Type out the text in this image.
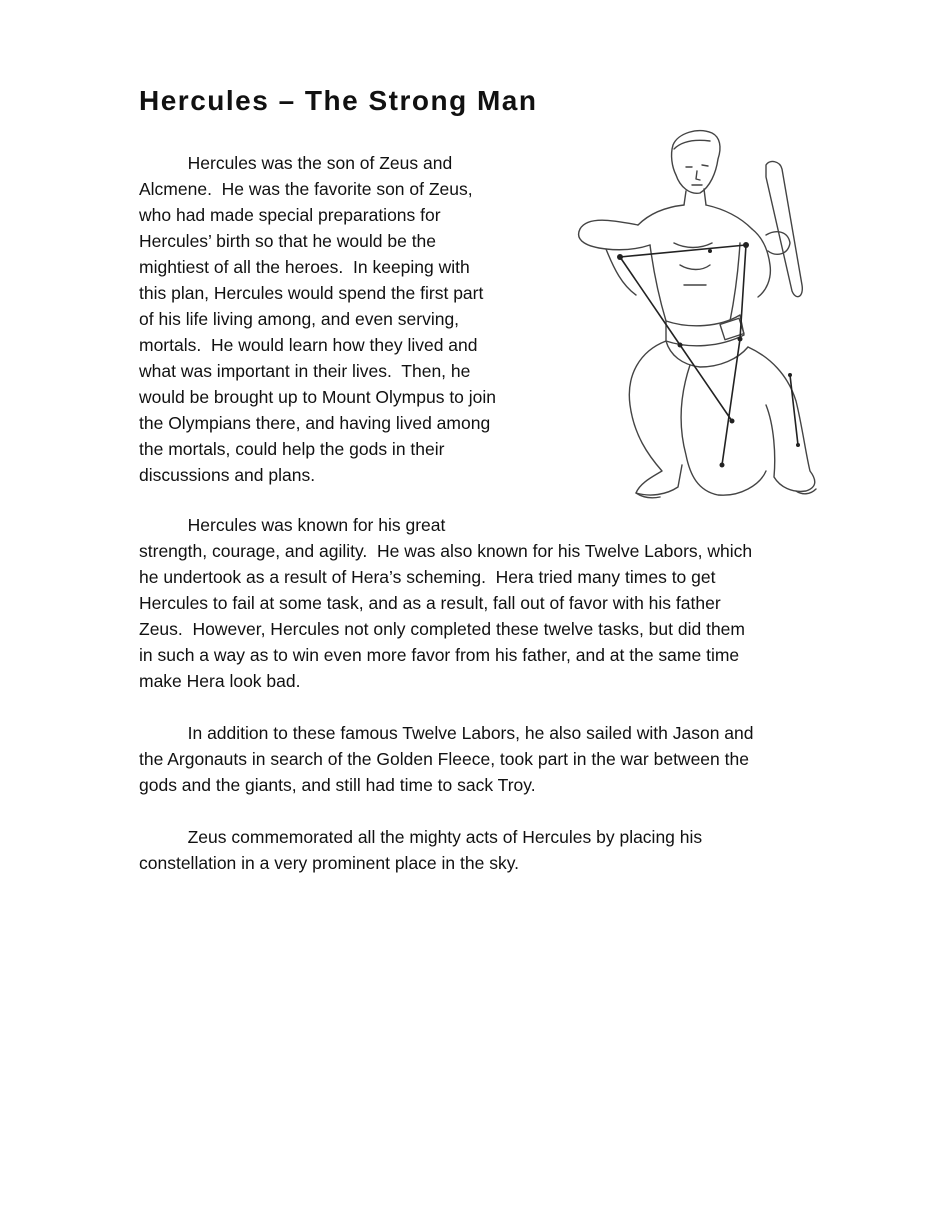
Hercules – The Strong Man
Hercules was the son of Zeus and
Alcmene.  He was the favorite son of Zeus,
who had made special preparations for
Hercules’ birth so that he would be the
mightiest of all the heroes.  In keeping with
this plan, Hercules would spend the first part
of his life living among, and even serving,
mortals.  He would learn how they lived and
what was important in their lives.  Then, he
would be brought up to Mount Olympus to join
the Olympians there, and having lived among
the mortals, could help the gods in their
discussions and plans.
Hercules was known for his great
strength, courage, and agility.  He was also known for his Twelve Labors, which
he undertook as a result of Hera’s scheming.  Hera tried many times to get
Hercules to fail at some task, and as a result, fall out of favor with his father
Zeus.  However, Hercules not only completed these twelve tasks, but did them
in such a way as to win even more favor from his father, and at the same time
make Hera look bad.
In addition to these famous Twelve Labors, he also sailed with Jason and
the Argonauts in search of the Golden Fleece, took part in the war between the
gods and the giants, and still had time to sack Troy.
Zeus commemorated all the mighty acts of Hercules by placing his
constellation in a very prominent place in the sky.
